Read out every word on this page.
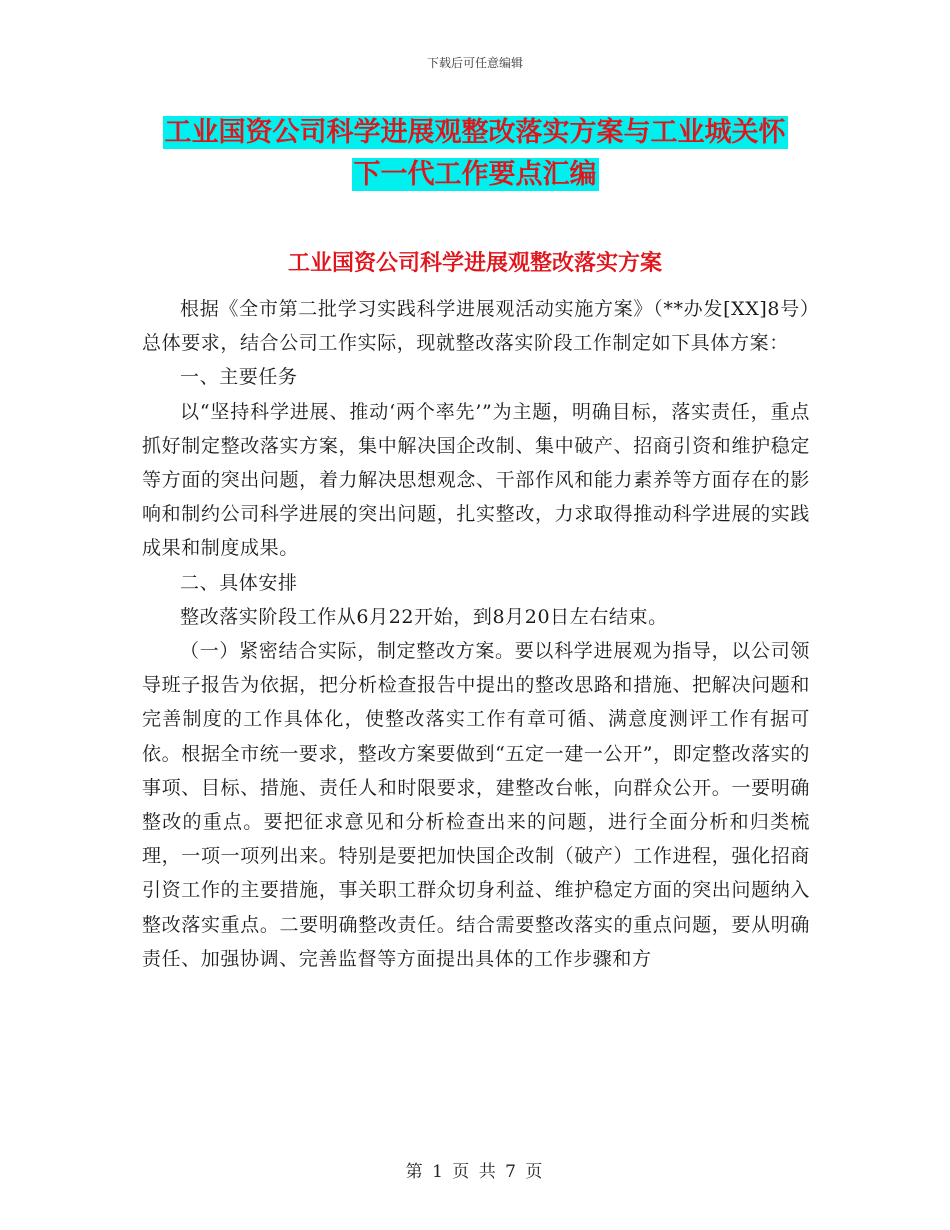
下载后可任意编辑
工业国资公司科学进展观整改落实方案与工业城关怀
下一代工作要点汇编
工业国资公司科学进展观整改落实方案

根据《全市第二批学习实践科学进展观活动实施方案》（**办发[XX]8号）总体要求，结合公司工作实际，现就整改落实阶段工作制定如下具体方案：

一、主要任务

以“坚持科学进展、推动‘两个率先’”为主题，明确目标，落实责任，重点抓好制定整改落实方案，集中解决国企改制、集中破产、招商引资和维护稳定等方面的突出问题，着力解决思想观念、干部作风和能力素养等方面存在的影响和制约公司科学进展的突出问题，扎实整改，力求取得推动科学进展的实践成果和制度成果。

二、具体安排

整改落实阶段工作从6月22开始，到8月20日左右结束。

（一）紧密结合实际，制定整改方案。要以科学进展观为指导，以公司领导班子报告为依据，把分析检查报告中提出的整改思路和措施、把解决问题和完善制度的工作具体化，使整改落实工作有章可循、满意度测评工作有据可依。根据全市统一要求，整改方案要做到“五定一建一公开”，即定整改落实的事项、目标、措施、责任人和时限要求，建整改台帐，向群众公开。一要明确整改的重点。要把征求意见和分析检查出来的问题，进行全面分析和归类梳理，一项一项列出来。特别是要把加快国企改制（破产）工作进程，强化招商引资工作的主要措施，事关职工群众切身利益、维护稳定方面的突出问题纳入整改落实重点。二要明确整改责任。结合需要整改落实的重点问题，要从明确责任、加强协调、完善监督等方面提出具体的工作步骤和方

第 1 页 共 7 页
